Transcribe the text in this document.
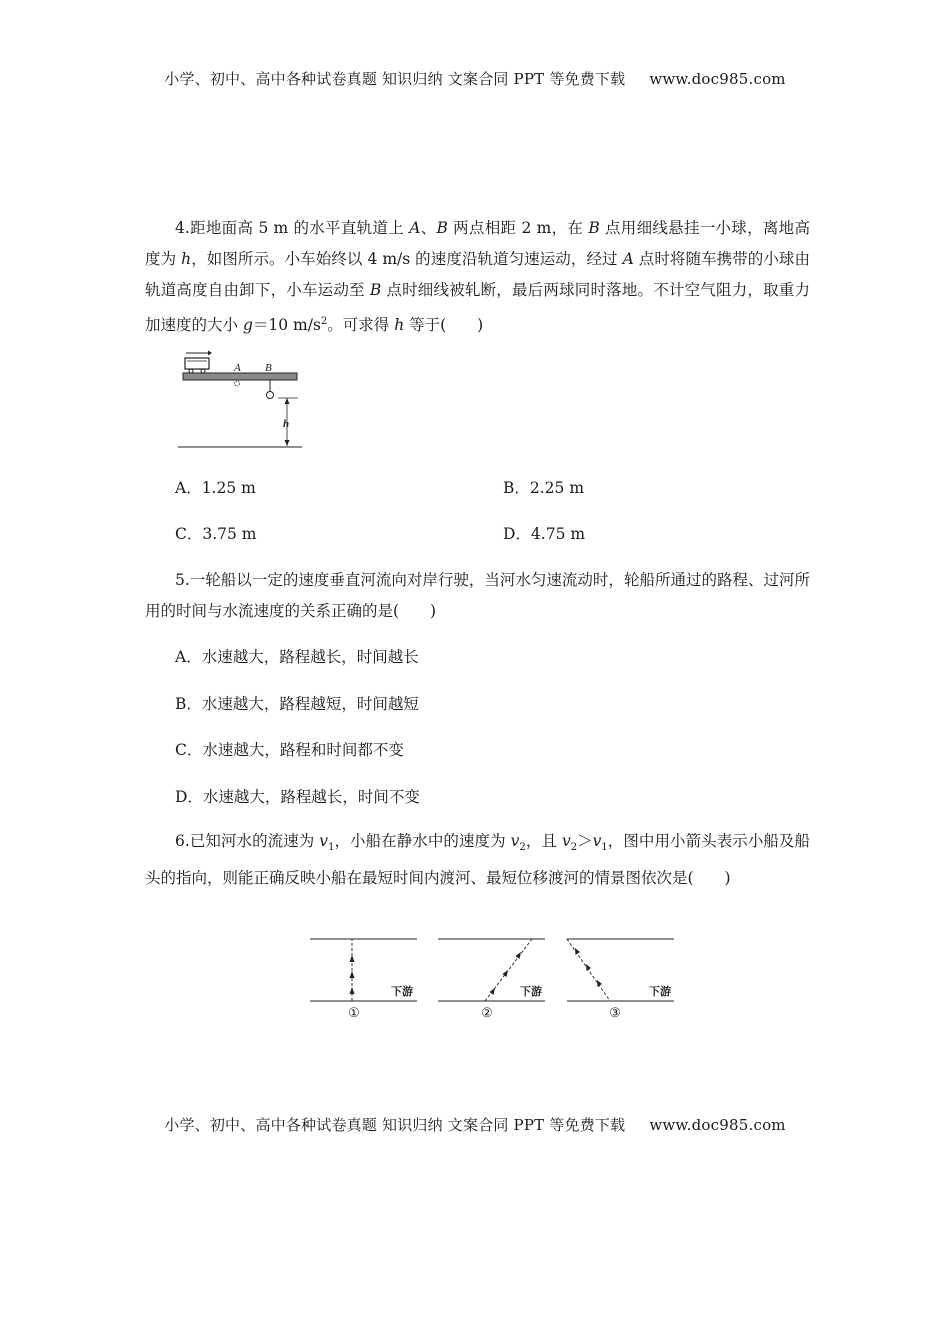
小学、初中、高中各种试卷真题 知识归纳 文案合同 PPT 等免费下载 www.doc985.com
4.距地面高 5 m 的水平直轨道上 A、B 两点相距 2 m，在 B 点用细线悬挂一小球，离地高度为 h，如图所示。小车始终以 4 m/s 的速度沿轨道匀速运动，经过 A 点时将随车携带的小球由轨道高度自由卸下，小车运动至 B 点时细线被轧断，最后两球同时落地。不计空气阻力，取重力加速度的大小 g＝10 $m/s^2$。可求得 h 等于(　　)
A B
h
A．1.25 m	B．2.25 m
C．3.75 m	D．4.75 m
5.一轮船以一定的速度垂直河流向对岸行驶，当河水匀速流动时，轮船所通过的路程、过河所用的时间与水流速度的关系正确的是(　　)
A．水速越大，路程越长，时间越长
B．水速越大，路程越短，时间越短
C．水速越大，路程和时间都不变
D．水速越大，路程越长，时间不变
6.已知河水的流速为 $v_1$，小船在静水中的速度为 $v_2$，且 $v_2>v_1$，图中用小箭头表示小船及船头的指向，则能正确反映小船在最短时间内渡河、最短位移渡河的情景图依次是(　　)
下游	下游	下游
①	②	③
小学、初中、高中各种试卷真题 知识归纳 文案合同 PPT 等免费下载 www.doc985.com
